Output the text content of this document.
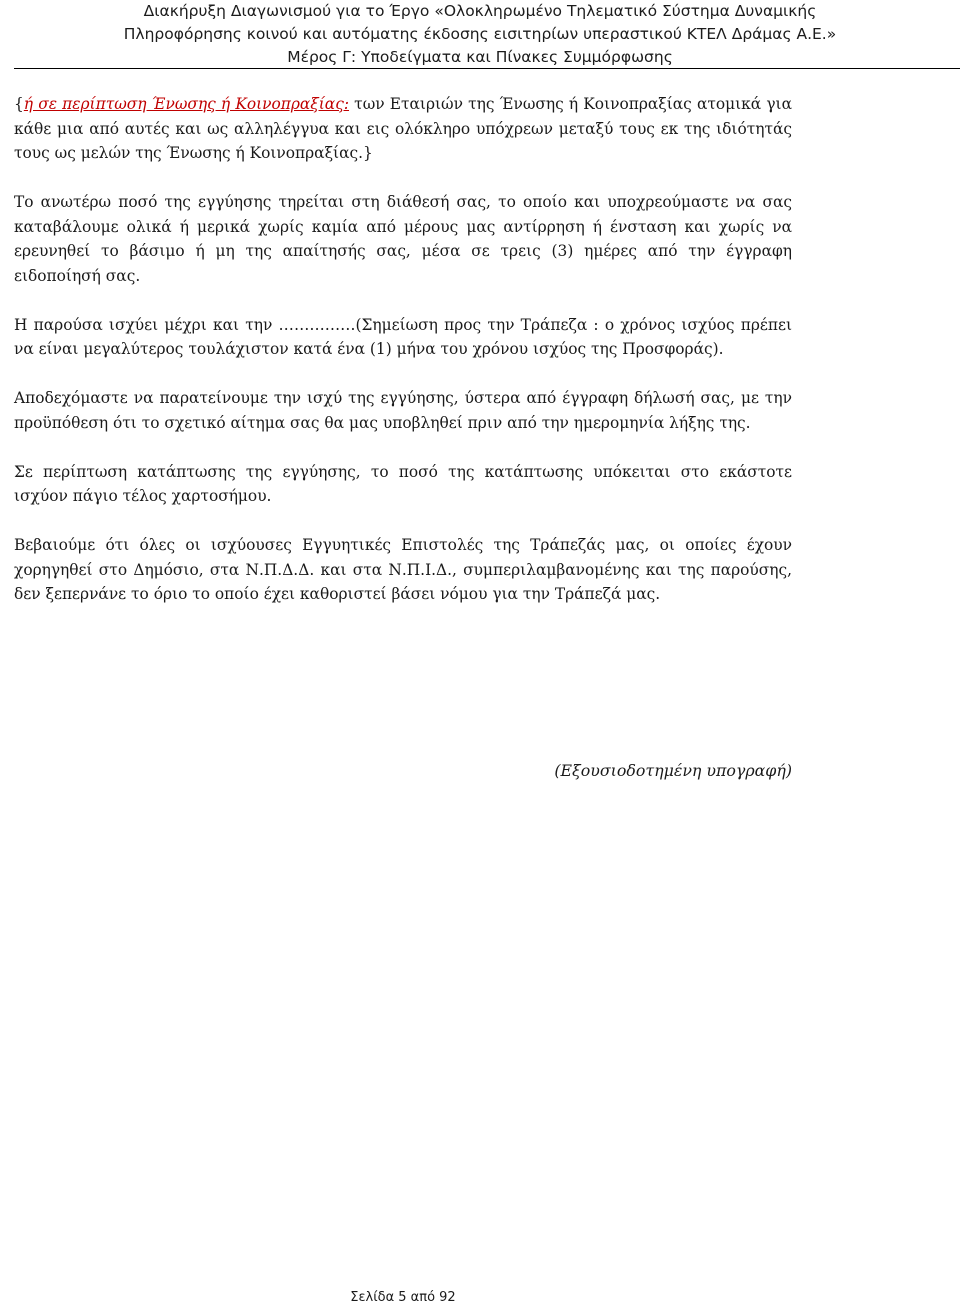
Διακήρυξη Διαγωνισμού για το Έργο «Ολοκληρωμένο Τηλεματικό Σύστημα Δυναμικής
Πληροφόρησης κοινού και αυτόματης έκδοσης εισιτηρίων υπεραστικού ΚΤΕΛ Δράμας Α.Ε.»
Μέρος Γ: Υποδείγματα και Πίνακες Συμμόρφωσης

{ή σε περίπτωση Ένωσης ή Κοινοπραξίας: των Εταιριών της Ένωσης ή Κοινοπραξίας ατομικά για κάθε μια από αυτές και ως αλληλέγγυα και εις ολόκληρο υπόχρεων μεταξύ τους εκ της ιδιότητάς τους ως μελών της Ένωσης ή Κοινοπραξίας.}

Το ανωτέρω ποσό της εγγύησης τηρείται στη διάθεσή σας, το οποίο και υποχρεούμαστε να σας καταβάλουμε ολικά ή μερικά χωρίς καμία από μέρους μας αντίρρηση ή ένσταση και χωρίς να ερευνηθεί το βάσιμο ή μη της απαίτησής σας, μέσα σε τρεις (3) ημέρες από την έγγραφη ειδοποίησή σας.

Η παρούσα ισχύει μέχρι και την ……………(Σημείωση προς την Τράπεζα : ο χρόνος ισχύος πρέπει να είναι μεγαλύτερος τουλάχιστον κατά ένα (1) μήνα του χρόνου ισχύος της Προσφοράς).

Αποδεχόμαστε να παρατείνουμε την ισχύ της εγγύησης, ύστερα από έγγραφη δήλωσή σας, με την προϋπόθεση ότι το σχετικό αίτημα σας θα μας υποβληθεί πριν από την ημερομηνία λήξης της.

Σε περίπτωση κατάπτωσης της εγγύησης, το ποσό της κατάπτωσης υπόκειται στο εκάστοτε ισχύον πάγιο τέλος χαρτοσήμου.

Βεβαιούμε ότι όλες οι ισχύουσες Εγγυητικές Επιστολές της Τράπεζάς μας, οι οποίες έχουν χορηγηθεί στο Δημόσιο, στα Ν.Π.Δ.Δ. και στα Ν.Π.Ι.Δ., συμπεριλαμβανομένης και της παρούσης, δεν ξεπερνάνε το όριο το οποίο έχει καθοριστεί βάσει νόμου για την Τράπεζά μας.

(Εξουσιοδοτημένη υπογραφή)
Σελίδα 5 από 92
